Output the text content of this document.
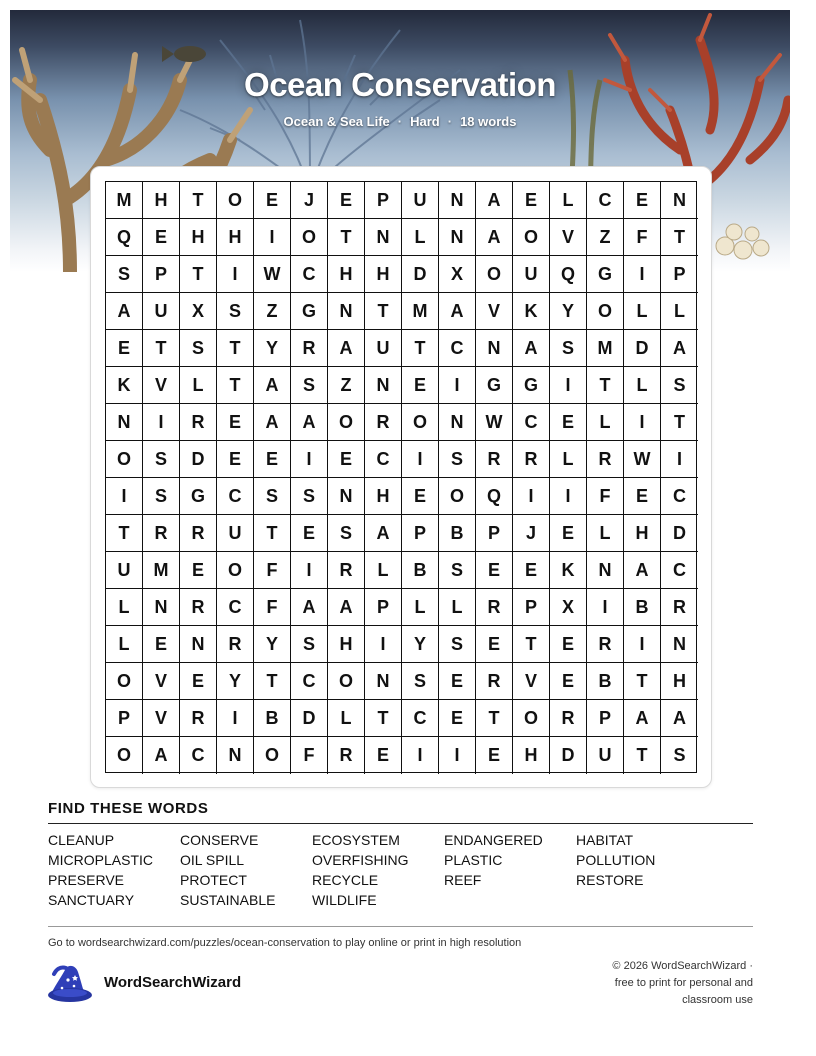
Ocean Conservation
Ocean & Sea Life · Hard · 18 words
M	H	T	O	E	J	E	P	U	N	A	E	L	C	E	N
Q	E	H	H	I	O	T	N	L	N	A	O	V	Z	F	T
S	P	T	I	W	C	H	H	D	X	O	U	Q	G	I	P
A	U	X	S	Z	G	N	T	M	A	V	K	Y	O	L	L
E	T	S	T	Y	R	A	U	T	C	N	A	S	M	D	A
K	V	L	T	A	S	Z	N	E	I	G	G	I	T	L	S
N	I	R	E	A	A	O	R	O	N	W	C	E	L	I	T
O	S	D	E	E	I	E	C	I	S	R	R	L	R	W	I
I	S	G	C	S	S	N	H	E	O	Q	I	I	F	E	C
T	R	R	U	T	E	S	A	P	B	P	J	E	L	H	D
U	M	E	O	F	I	R	L	B	S	E	E	K	N	A	C
L	N	R	C	F	A	A	P	L	L	R	P	X	I	B	R
L	E	N	R	Y	S	H	I	Y	S	E	T	E	R	I	N
O	V	E	Y	T	C	O	N	S	E	R	V	E	B	T	H
P	V	R	I	B	D	L	T	C	E	T	O	R	P	A	A
O	A	C	N	O	F	R	E	I	I	E	H	D	U	T	S
FIND THESE WORDS
CLEANUP	CONSERVE	ECOSYSTEM	ENDANGERED	HABITAT
MICROPLASTIC	OIL SPILL	OVERFISHING	PLASTIC	POLLUTION
PRESERVE	PROTECT	RECYCLE	REEF	RESTORE
SANCTUARY	SUSTAINABLE	WILDLIFE
Go to wordsearchwizard.com/puzzles/ocean-conservation to play online or print in high resolution
WordSearchWizard
© 2026 WordSearchWizard ·
free to print for personal and
classroom use
